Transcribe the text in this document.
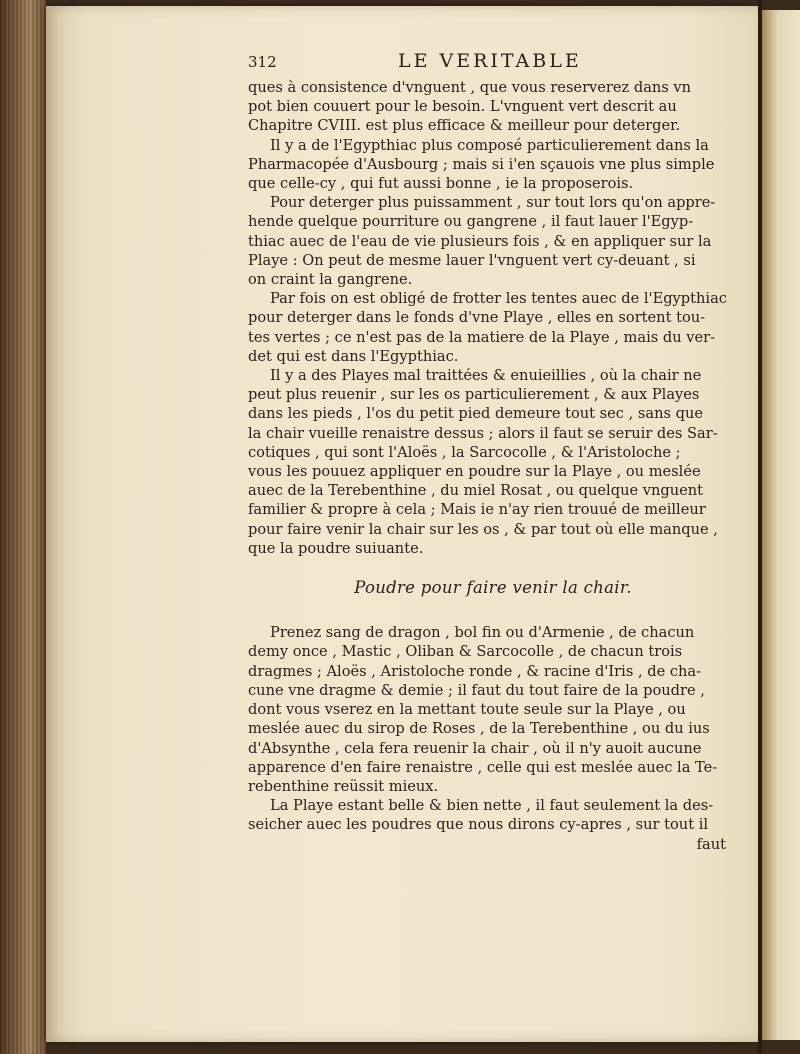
312	LE VERITABLE
ques à consistence d'vnguent , que vous reserverez dans vn
pot bien couuert pour le besoin. L'vnguent vert descrit au
Chapitre CVIII. est plus efficace & meilleur pour deterger.
Il y a de l'Egypthiac plus composé particulierement dans la
Pharmacopée d'Ausbourg ; mais si i'en sçauois vne plus simple
que celle-cy , qui fut aussi bonne , ie la proposerois.
Pour deterger plus puissamment , sur tout lors qu'on appre-
hende quelque pourriture ou gangrene , il faut lauer l'Egyp-
thiac auec de l'eau de vie plusieurs fois , & en appliquer sur la
Playe : On peut de mesme lauer l'vnguent vert cy-deuant , si
on craint la gangrene.
Par fois on est obligé de frotter les tentes auec de l'Egypthiac
pour deterger dans le fonds d'vne Playe , elles en sortent tou-
tes vertes ; ce n'est pas de la matiere de la Playe , mais du ver-
det qui est dans l'Egypthiac.
Il y a des Playes mal traittées & enuieillies , où la chair ne
peut plus reuenir , sur les os particulierement , & aux Playes
dans les pieds , l'os du petit pied demeure tout sec , sans que
la chair vueille renaistre dessus ; alors il faut se seruir des Sar-
cotiques , qui sont l'Aloës , la Sarcocolle , & l'Aristoloche ;
vous les pouuez appliquer en poudre sur la Playe , ou meslée
auec de la Terebenthine , du miel Rosat , ou quelque vnguent
familier & propre à cela ; Mais ie n'ay rien trouué de meilleur
pour faire venir la chair sur les os , & par tout où elle manque ,
que la poudre suiuante.
Poudre pour faire venir la chair.
Prenez sang de dragon , bol fin ou d'Armenie , de chacun
demy once , Mastic , Oliban & Sarcocolle , de chacun trois
dragmes ; Aloës , Aristoloche ronde , & racine d'Iris , de cha-
cune vne dragme & demie ; il faut du tout faire de la poudre ,
dont vous vserez en la mettant toute seule sur la Playe , ou
meslée auec du sirop de Roses , de la Terebenthine , ou du ius
d'Absynthe , cela fera reuenir la chair , où il n'y auoit aucune
apparence d'en faire renaistre , celle qui est meslée auec la Te-
rebenthine reüssit mieux.
La Playe estant belle & bien nette , il faut seulement la des-
seicher auec les poudres que nous dirons cy-apres , sur tout il
faut
